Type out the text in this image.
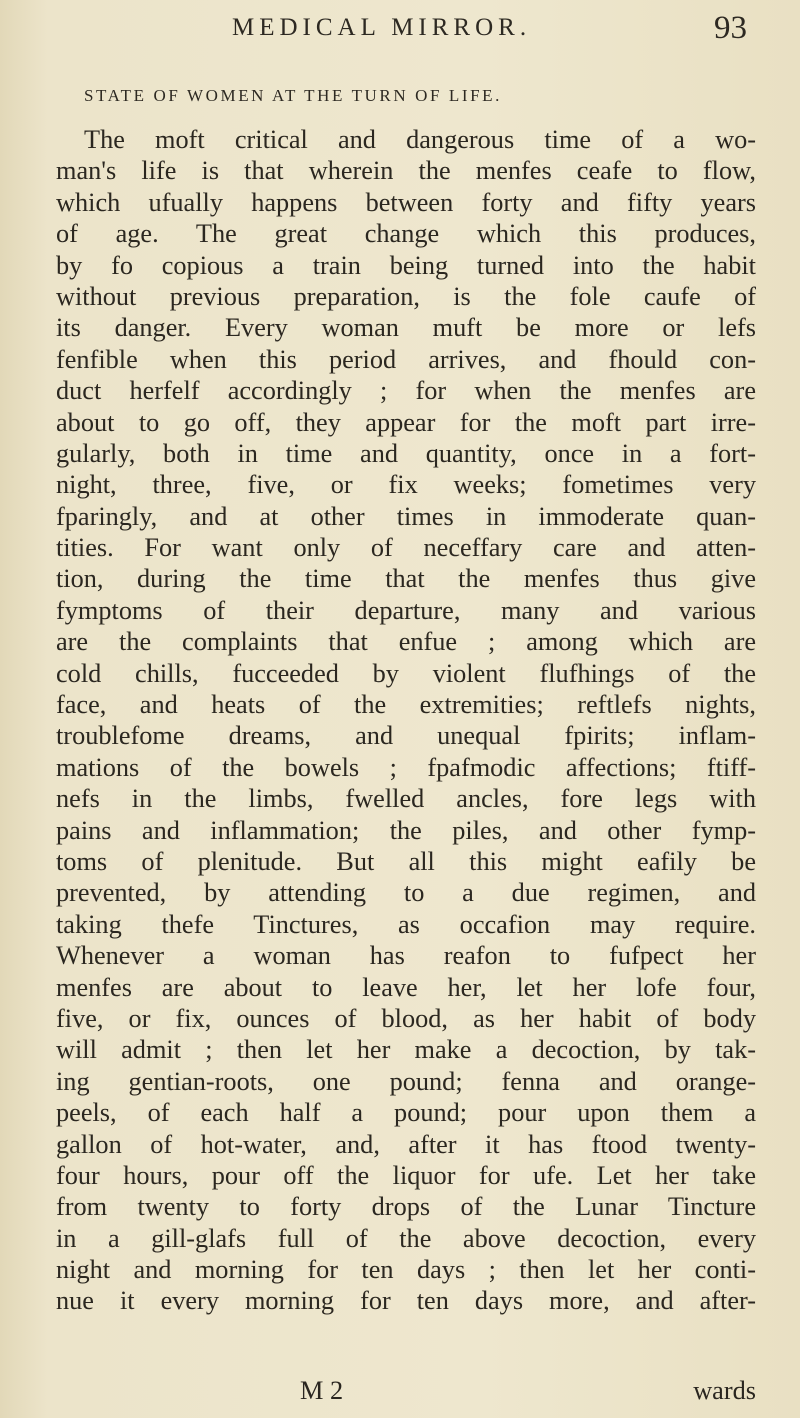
MEDICAL MIRROR.	93
STATE OF WOMEN AT THE TURN OF LIFE.
The moft critical and dangerous time of a wo-
man's life is that wherein the menfes ceafe to flow,
which ufually happens between forty and fifty years
of age. The great change which this produces,
by fo copious a train being turned into the habit
without previous preparation, is the fole caufe of
its danger. Every woman muft be more or lefs
fenfible when this period arrives, and fhould con-
duct herfelf accordingly ; for when the menfes are
about to go off, they appear for the moft part irre-
gularly, both in time and quantity, once in a fort-
night, three, five, or fix weeks; fometimes very
fparingly, and at other times in immoderate quan-
tities. For want only of neceffary care and atten-
tion, during the time that the menfes thus give
fymptoms of their departure, many and various
are the complaints that enfue ; among which are
cold chills, fucceeded by violent flufhings of the
face, and heats of the extremities; reftlefs nights,
troublefome dreams, and unequal fpirits; inflam-
mations of the bowels ; fpafmodic affections; ftiff-
nefs in the limbs, fwelled ancles, fore legs with
pains and inflammation; the piles, and other fymp-
toms of plenitude. But all this might eafily be
prevented, by attending to a due regimen, and
taking thefe Tinctures, as occafion may require.
Whenever a woman has reafon to fufpect her
menfes are about to leave her, let her lofe four,
five, or fix, ounces of blood, as her habit of body
will admit ; then let her make a decoction, by tak-
ing gentian-roots, one pound; fenna and orange-
peels, of each half a pound; pour upon them a
gallon of hot-water, and, after it has ftood twenty-
four hours, pour off the liquor for ufe. Let her take
from twenty to forty drops of the Lunar Tincture
in a gill-glafs full of the above decoction, every
night and morning for ten days ; then let her conti-
nue it every morning for ten days more, and after-
M 2	wards
